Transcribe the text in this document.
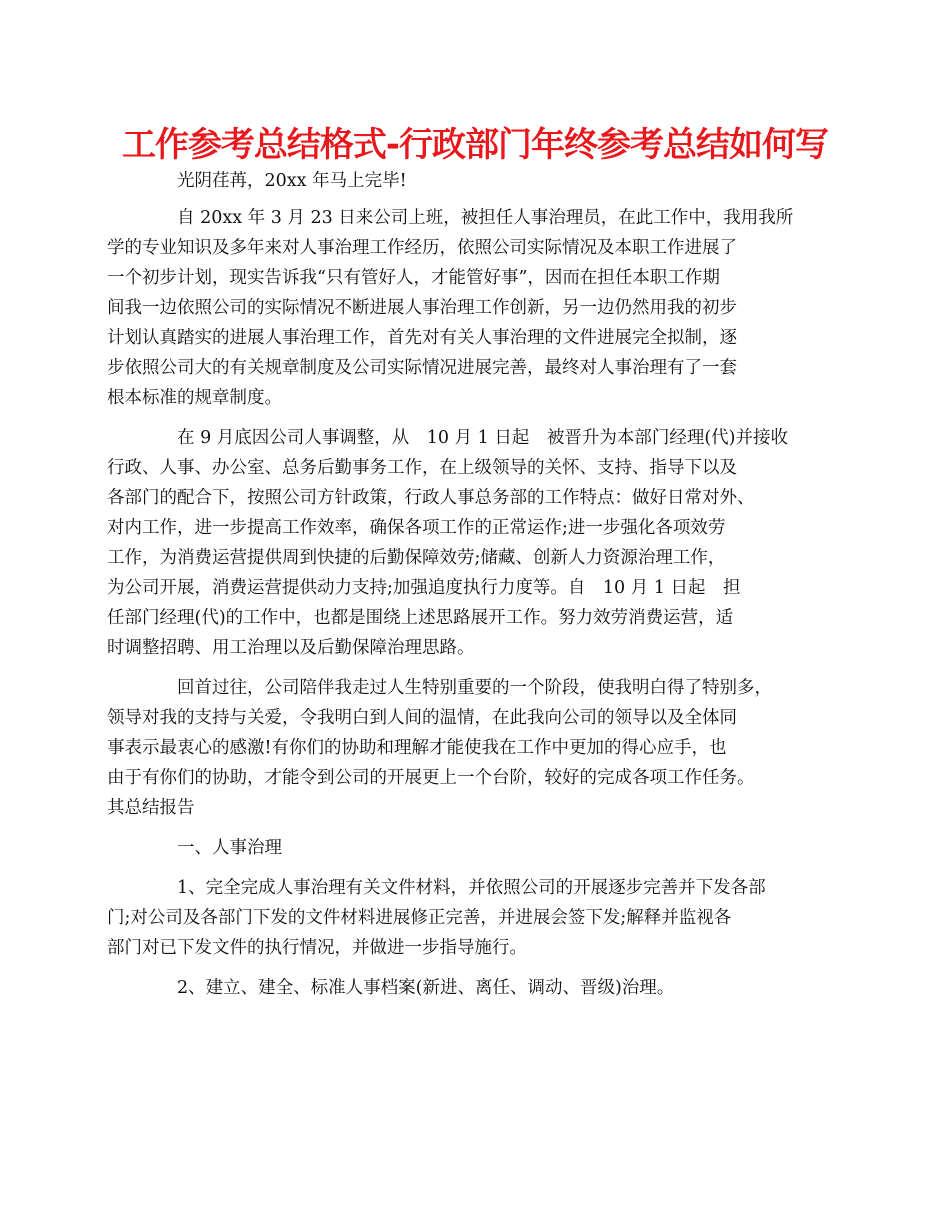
工作参考总结格式-行政部门年终参考总结如何写
光阴荏苒，20xx 年马上完毕!
自 20xx 年 3 月 23 日来公司上班，被担任人事治理员，在此工作中，我用我所
学的专业知识及多年来对人事治理工作经历，依照公司实际情况及本职工作进展了
一个初步计划，现实告诉我“只有管好人，才能管好事”，因而在担任本职工作期
间我一边依照公司的实际情况不断进展人事治理工作创新，另一边仍然用我的初步
计划认真踏实的进展人事治理工作，首先对有关人事治理的文件进展完全拟制，逐
步依照公司大的有关规章制度及公司实际情况进展完善，最终对人事治理有了一套
根本标准的规章制度。
在 9 月底因公司人事调整，从　10 月 1 日起　被晋升为本部门经理(代)并接收
行政、人事、办公室、总务后勤事务工作，在上级领导的关怀、支持、指导下以及
各部门的配合下，按照公司方针政策，行政人事总务部的工作特点：做好日常对外、
对内工作，进一步提高工作效率，确保各项工作的正常运作;进一步强化各项效劳
工作，为消费运营提供周到快捷的后勤保障效劳;储藏、创新人力资源治理工作，
为公司开展，消费运营提供动力支持;加强追度执行力度等。自　10 月 1 日起　担
任部门经理(代)的工作中，也都是围绕上述思路展开工作。努力效劳消费运营，适
时调整招聘、用工治理以及后勤保障治理思路。
回首过往，公司陪伴我走过人生特别重要的一个阶段，使我明白得了特别多，
领导对我的支持与关爱，令我明白到人间的温情，在此我向公司的领导以及全体同
事表示最衷心的感激!有你们的协助和理解才能使我在工作中更加的得心应手，也
由于有你们的协助，才能令到公司的开展更上一个台阶，较好的完成各项工作任务。
其总结报告
一、人事治理
1、完全完成人事治理有关文件材料，并依照公司的开展逐步完善并下发各部
门;对公司及各部门下发的文件材料进展修正完善，并进展会签下发;解释并监视各
部门对已下发文件的执行情况，并做进一步指导施行。
2、建立、建全、标准人事档案(新进、离任、调动、晋级)治理。
